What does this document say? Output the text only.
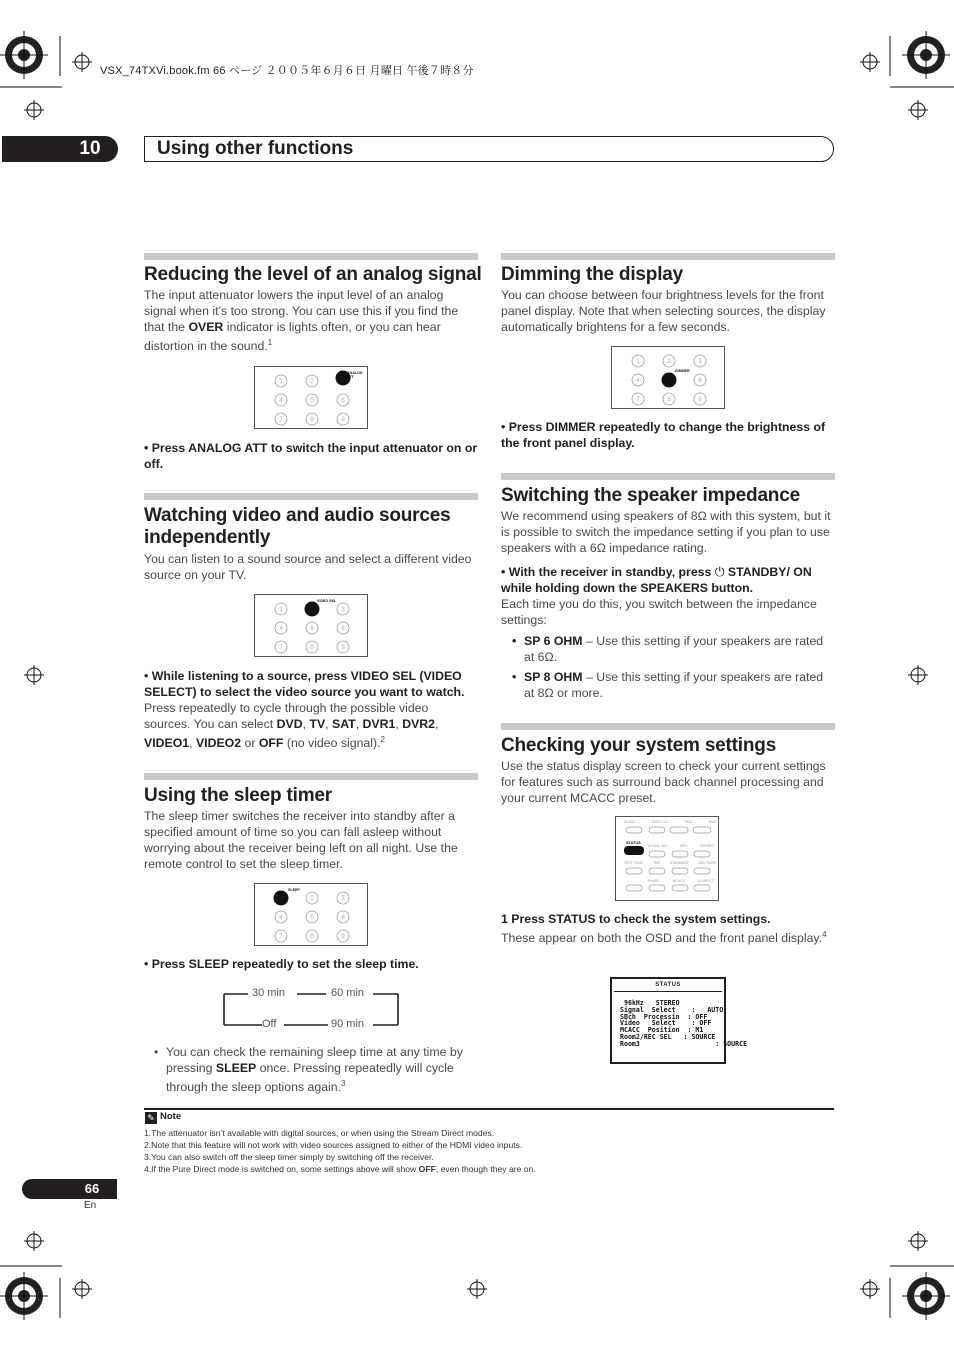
VSX_74TXVi.book.fm 66 ページ ２００５年６月６日 月曜日 午後７時８分
10	Using other functions
Reducing the level of an analog signal
The input attenuator lowers the input level of an analog signal when it’s too strong. You can use this if you find the that the OVER indicator is lights often, or you can hear distortion in the sound.$^1$
1	2
4	5	6
7	8	9
ANALOG ATT
• Press ANALOG ATT to switch the input attenuator on or off.
Watching video and audio sources independently
You can listen to a sound source and select a different video source on your TV.
1	3
4	5	6
7	8	9
VIDEO SEL
• While listening to a source, press VIDEO SEL (VIDEO SELECT) to select the video source you want to watch.
Press repeatedly to cycle through the possible video sources. You can select DVD, TV, SAT, DVR1, DVR2, VIDEO1, VIDEO2 or OFF (no video signal).$^2$
Using the sleep timer
The sleep timer switches the receiver into standby after a specified amount of time so you can fall asleep without worrying about the receiver being left on all night. Use the remote control to set the sleep timer.
2	3
4	5	6
7	8	9
SLEEP
• Press SLEEP repeatedly to set the sleep time.
30 min	60 min
90 min
Off
• You can check the remaining sleep time at any time by pressing SLEEP once. Pressing repeatedly will cycle through the sleep options again.$^3$
Dimming the display
You can choose between four brightness levels for the front panel display. Note that when selecting sources, the display automatically brightens for a few seconds.
1	2	3
4	6
7	8	9
DIMMER
• Press DIMMER repeatedly to change the brightness of the front panel display.
Switching the speaker impedance
We recommend using speakers of 8Ω with this system, but it is possible to switch the impedance setting if you plan to use speakers with a 6Ω impedance rating.
• With the receiver in standby, press ⏻ STANDBY/ ON while holding down the SPEAKERS button.
Each time you do this, you switch between the impedance settings:
• SP 6 OHM – Use this setting if your speakers are rated at 6Ω.
• SP 8 OHM – Use this setting if your speakers are rated at 8Ω or more.
Checking your system settings
Use the status display screen to check your current settings for features such as surround back channel processing and your current MCACC preset.
STATUS
AUDIO	SUBTITLE	HDD	DVD
SIGNAL SEL	MPX	STEREO
TEST TONE	TME	STANDARD	ADV SURR
PHASE	MCACC	S.DIRECT
1 Press STATUS to check the system settings.
These appear on both the OSD and the front panel display.$^4$
STATUS
96kHz   STEREO
Signal  Select    :   AUTO
SBch  Processin  : OFF
Video   Select    : OFF
MCACC  Position  : M1
Room2/REC SEL   : SOURCE
Room3                   : SOURCE
✎ Note
1.The attenuator isn’t available with digital sources, or when using the Stream Direct modes.
2.Note that this feature will not work with video sources assigned to either of the HDMI video inputs.
3.You can also switch off the sleep timer simply by switching off the receiver.
4.If the Pure Direct mode is switched on, some settings above will show OFF, even though they are on.
66
En
